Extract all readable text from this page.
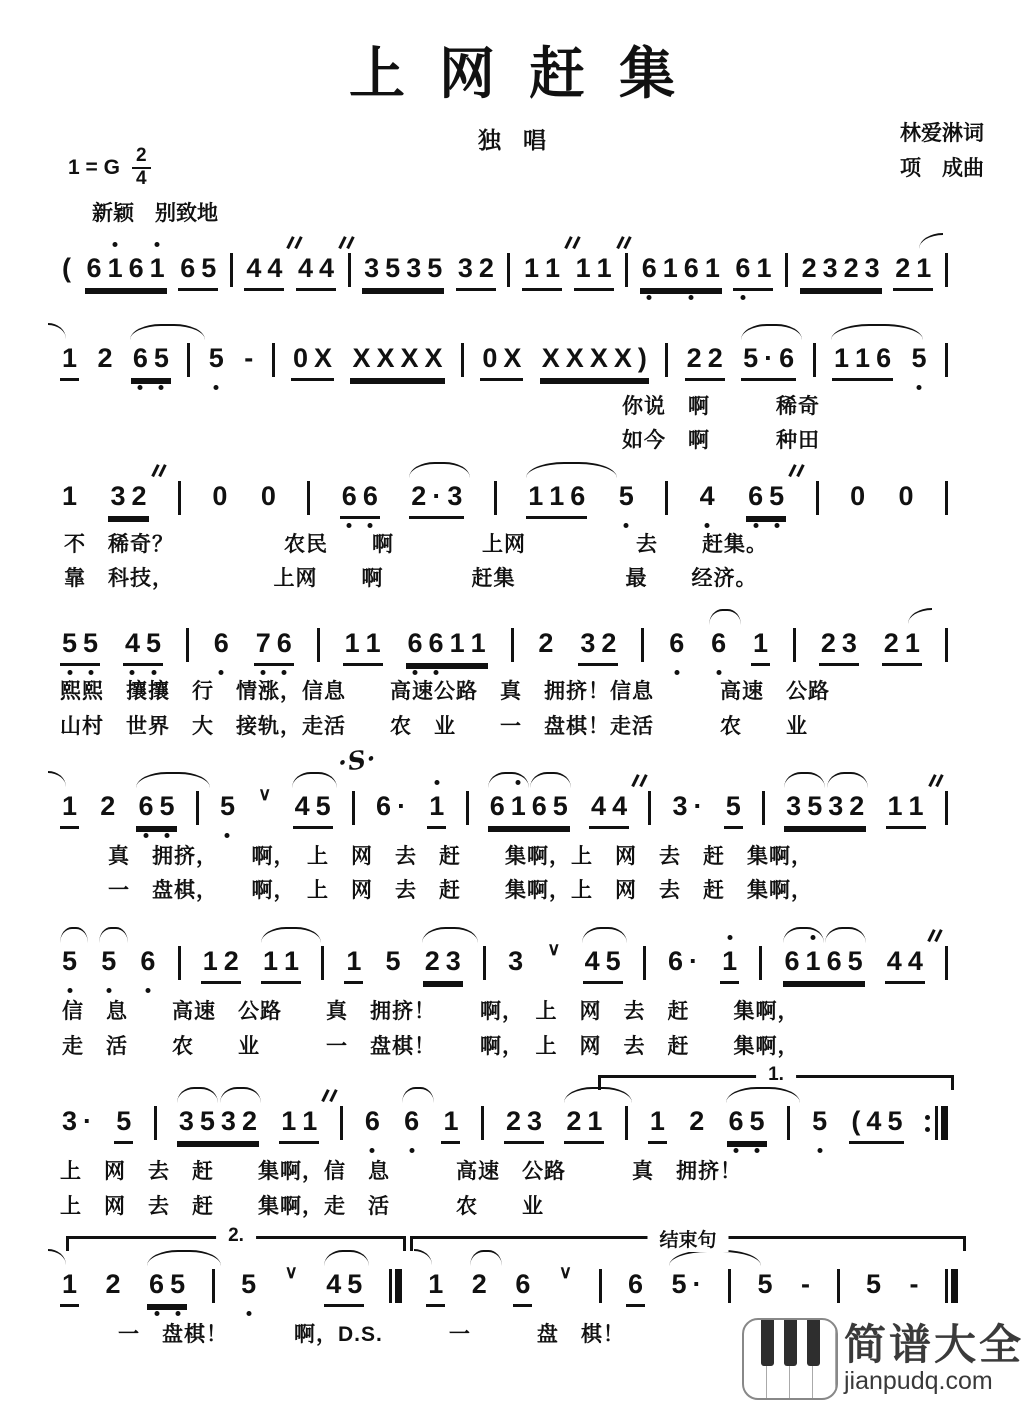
上网赶集
独唱	林爱淋词
项　成曲
1 = G $\frac{2}{4}$
新颖　别致地
( 6 1 6 1 6 5 4 4 4 4 3 5 3 5 3 2 1 1 1 1 6 1 6 1 6 1 2 3 2 3 2 1
1 2 6 5 5 - 0 X X X X X 0 X X X X X ) 2 2 5 · 6 1 1 6 5
1 3 2 0 0 6 6 2 · 3 1 1 6 5 4 6 5 0 0
5 5 4 5 6 7 6 1 1 6 6 1 1 2 3 2 6 6 1 2 3 2 1
1 2 6 5 5 ∨ 4 5 6 · 1 6 1 6 5 4 4 3 · 5 3 5 3 2 1 1
·S·
5 5 6 1 2 1 1 1 5 2 3 3 ∨ 4 5 6 · 1 6 1 6 5 4 4
3 · 5 3 5 3 2 1 1 6 6 1 2 3 2 1 1 2 6 5 5 ( 4 5
1 2 6 5 5 ∨ 4 5 1 2 6 ∨ 6 5 · 5 - 5 -
你说　啊　　　稀奇
如今　啊　　　种田
不　稀奇？　　　　　农民　　啊　　　　上网　　　　　去　　赶集。
靠　科技，　　　　　上网　　啊　　　　赶集　　　　　最　　经济。
熙熙　攘攘　行　情涨，信息　　高速公路　真　拥挤！信息　　　高速　公路
山村　世界　大　接轨，走活　　农　业　　一　盘棋！走活　　　农　　业
真　拥挤，　　啊，　上　网　去　赶　　集啊，上　网　去　赶　集啊，
一　盘棋，　　啊，　上　网　去　赶　　集啊，上　网　去　赶　集啊，
信　息　　高速　公路　　真　拥挤！　　啊，　上　网　去　赶　　集啊，
走　活　　农　　业　　　一　盘棋！　　啊，　上　网　去　赶　　集啊，
上　网　去　赶　　集啊，信　息　　　高速　公路　　　真　拥挤！
上　网　去　赶　　集啊，走　活　　　农　　业
一　盘棋！　　　啊，D.S.　　　一　　　盘　棋！
1.
2.	结束句
简谱大全
jianpudq.com
